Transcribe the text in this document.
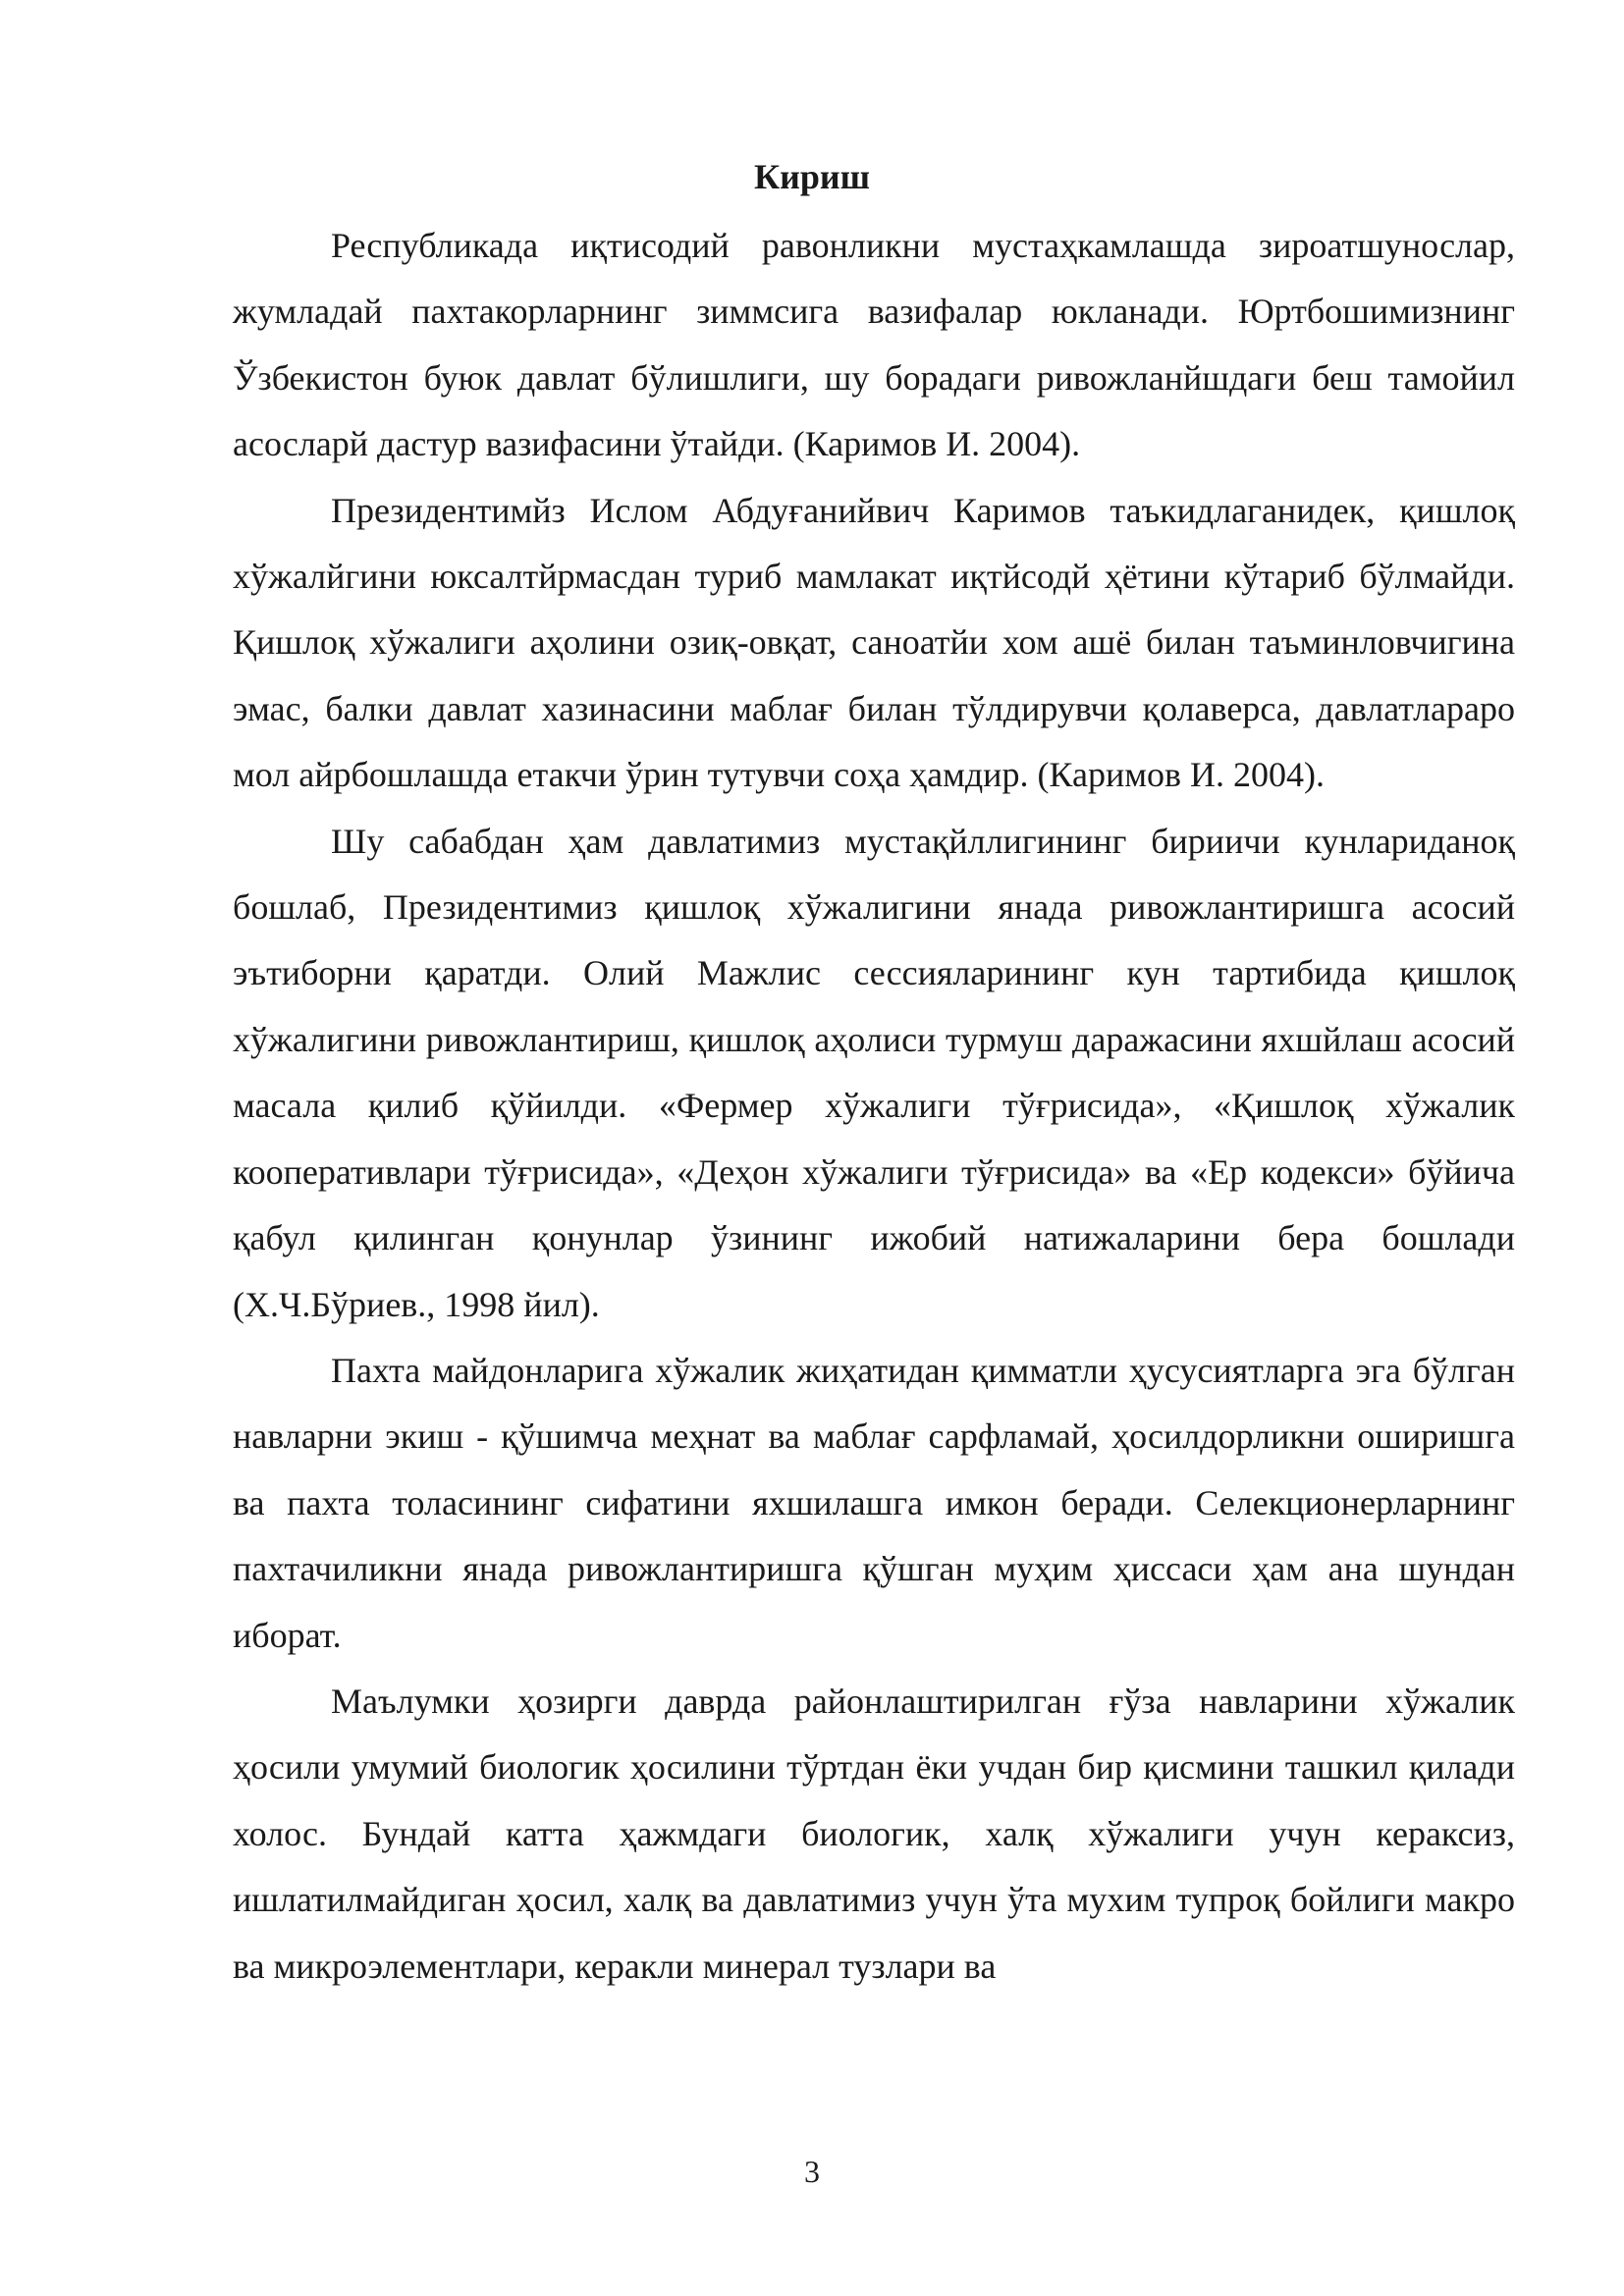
Кириш

Республикада иқтисодий равонликни мустаҳкамлашда зироатшунослар, жумладай пахтакорларнинг зиммсига вазифалар юкланади. Юртбошимизнинг Ўзбекистон буюк давлат бўлишлиги, шу борадаги ривожланйшдаги беш тамойил асосларй дастур вазифасини ўтайди. (Каримов И. 2004).

Президентимйз Ислом Абдуғанийвич Каримов таъкидлаганидек, қишлоқ хўжалйгини юксалтйрмасдан туриб мамлакат иқтйсодй ҳётини кўтариб бўлмайди. Қишлоқ хўжалиги аҳолини озиқ-овқат, саноатйи хом ашё билан таъминловчигина эмас, балки давлат хазинасини маблағ билан тўлдирувчи қолаверса, давлатлараро мол айрбошлашда етакчи ўрин тутувчи соҳа ҳамдир. (Каримов И. 2004).

Шу сабабдан ҳам давлатимиз мустақйллигининг бириичи кунлариданоқ бошлаб, Президентимиз қишлоқ хўжалигини янада ривожлантиришга асосий эътиборни қаратди. Олий Мажлис сессияларининг кун тартибида қишлоқ хўжалигини ривожлантириш, қишлоқ аҳолиси турмуш даражасини яхшйлаш асосий масала қилиб қўйилди. «Фермер хўжалиги тўғрисида», «Қишлоқ хўжалик кооперативлари тўғрисида», «Деҳон хўжалиги тўғрисида» ва «Ер кодекси» бўйича қабул қилинган қонунлар ўзининг ижобий натижаларини бера бошлади (Х.Ч.Бўриев., 1998 йил).

Пахта майдонларига хўжалик жиҳатидан қимматли ҳусусиятларга эга бўлган навларни экиш - қўшимча меҳнат ва маблағ сарфламай, ҳосилдорликни оширишга ва пахта толасининг сифатини яхшилашга имкон беради. Селекционерларнинг пахтачиликни янада ривожлантиришга қўшган муҳим ҳиссаси ҳам ана шундан иборат.

Маълумки ҳозирги даврда районлаштирилган ғўза навларини хўжалик ҳосили умумий биологик ҳосилини тўртдан ёки учдан бир қисмини ташкил қилади холос. Бундай катта ҳажмдаги биологик, халқ хўжалиги учун кераксиз, ишлатилмайдиган ҳосил, халқ ва давлатимиз учун ўта мухим тупроқ бойлиги макро ва микроэлементлари, керакли минерал тузлари ва

3
